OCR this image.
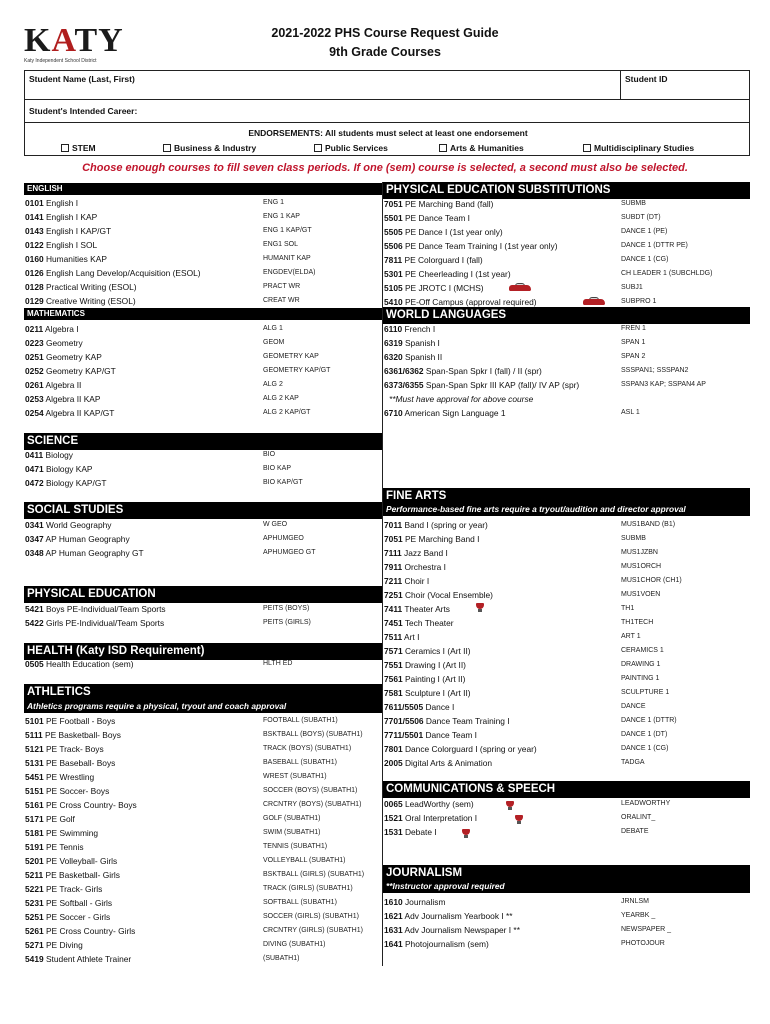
KATY
Katy Independent School District
2021-2022 PHS Course Request Guide
9th Grade Courses
Student Name (Last, First)	Student ID
Student's Intended Career:
ENDORSEMENTS: All students must select at least one endorsement
STEM	Business & Industry	Public Services	Arts & Humanities	Multidisciplinary Studies
Choose enough courses to fill seven class periods. If one (sem) course is selected, a second must also be selected.
ENGLISH
0101 English I	ENG 1
0141 English I KAP	ENG 1 KAP
0143 English I KAP/GT	ENG 1 KAP/GT
0122 English I SOL	ENG1 SOL
0160 Humanities KAP	HUMANIT KAP
0126 English Lang Develop/Acquisition (ESOL)	ENGDEV(ELDA)
0128 Practical Writing (ESOL)	PRACT WR
0129 Creative Writing (ESOL)	CREAT WR
MATHEMATICS
0211 Algebra I	ALG 1
0223 Geometry	GEOM
0251 Geometry KAP	GEOMETRY KAP
0252 Geometry KAP/GT	GEOMETRY KAP/GT
0261 Algebra II	ALG 2
0253 Algebra II KAP	ALG 2 KAP
0254 Algebra II KAP/GT	ALG 2 KAP/GT
SCIENCE
0411 Biology	BIO
0471 Biology KAP	BIO KAP
0472 Biology KAP/GT	BIO KAP/GT
SOCIAL STUDIES
0341 World Geography	W GEO
0347 AP Human Geography	APHUMGEO
0348 AP Human Geography GT	APHUMGEO GT
PHYSICAL EDUCATION
5421 Boys PE-Individual/Team Sports	PEITS (BOYS)
5422 Girls PE-Individual/Team Sports	PEITS (GIRLS)
HEALTH (Katy ISD Requirement)
0505 Health Education (sem)	HLTH ED
ATHLETICS
Athletics programs require a physical, tryout and coach approval
5101 PE Football - Boys	FOOTBALL (SUBATH1)
5111 PE Basketball- Boys	BSKTBALL (BOYS) (SUBATH1)
5121 PE Track- Boys	TRACK (BOYS) (SUBATH1)
5131 PE Baseball- Boys	BASEBALL (SUBATH1)
5451 PE Wrestling	WREST (SUBATH1)
5151 PE Soccer- Boys	SOCCER (BOYS) (SUBATH1)
5161 PE Cross Country- Boys	CRCNTRY (BOYS) (SUBATH1)
5171 PE Golf	GOLF (SUBATH1)
5181 PE Swimming	SWIM (SUBATH1)
5191 PE Tennis	TENNIS (SUBATH1)
5201 PE Volleyball- Girls	VOLLEYBALL (SUBATH1)
5211 PE Basketball- Girls	BSKTBALL (GIRLS) (SUBATH1)
5221 PE Track- Girls	TRACK (GIRLS) (SUBATH1)
5231 PE Softball - Girls	SOFTBALL (SUBATH1)
5251 PE Soccer - Girls	SOCCER (GIRLS) (SUBATH1)
5261 PE Cross Country- Girls	CRCNTRY (GIRLS) (SUBATH1)
5271 PE Diving	DIVING (SUBATH1)
5419 Student Athlete Trainer	(SUBATH1)
PHYSICAL EDUCATION SUBSTITUTIONS
7051 PE Marching Band (fall)	SUBMB
5501 PE Dance Team I	SUBDT (DT)
5505 PE Dance I (1st year only)	DANCE 1 (PE)
5506 PE Dance Team Training I (1st year only)	DANCE 1 (DTTR PE)
7811 PE Colorguard I (fall)	DANCE 1 (CG)
5301 PE Cheerleading I (1st year)	CH LEADER 1 (SUBCHLDG)
5105 PE JROTC I (MCHS)	SUBJ1
5410 PE-Off Campus (approval required)	SUBPRO 1
WORLD LANGUAGES
6110 French I	FREN 1
6319 Spanish I	SPAN 1
6320 Spanish II	SPAN 2
6361/6362 Span-Span Spkr I (fall) / II (spr)	SSSPAN1; SSSPAN2
6373/6355 Span-Span Spkr III KAP (fall)/ IV AP (spr)	SSPAN3 KAP; SSPAN4 AP
**Must have approval for above course
6710 American Sign Language 1	ASL 1
FINE ARTS
Performance-based fine arts require a tryout/audition and director approval
7011 Band I (spring or year)	MUS1BAND (B1)
7051 PE Marching Band I	SUBMB
7111 Jazz Band I	MUS1JZBN
7911 Orchestra I	MUS1ORCH
7211 Choir I	MUS1CHOR (CH1)
7251 Choir (Vocal Ensemble)	MUS1VOEN
7411 Theater Arts	TH1
7451 Tech Theater	TH1TECH
7511 Art I	ART 1
7571 Ceramics I (Art II)	CERAMICS 1
7551 Drawing I (Art II)	DRAWING 1
7561 Painting I (Art II)	PAINTING 1
7581 Sculpture I (Art II)	SCULPTURE 1
7611/5505 Dance I	DANCE
7701/5506 Dance Team Training I	DANCE 1 (DTTR)
7711/5501 Dance Team I	DANCE 1 (DT)
7801 Dance Colorguard I (spring or year)	DANCE 1 (CG)
2005 Digital Arts & Animation	TADGA
COMMUNICATIONS & SPEECH
0065 LeadWorthy (sem)	LEADWORTHY
1521 Oral Interpretation I	ORALINT_
1531 Debate I	DEBATE
JOURNALISM
**Instructor approval required
1610 Journalism	JRNLSM
1621 Adv Journalism Yearbook I **	YEARBK _
1631 Adv Journalism Newspaper I **	NEWSPAPER _
1641 Photojournalism (sem)	PHOTOJOUR
